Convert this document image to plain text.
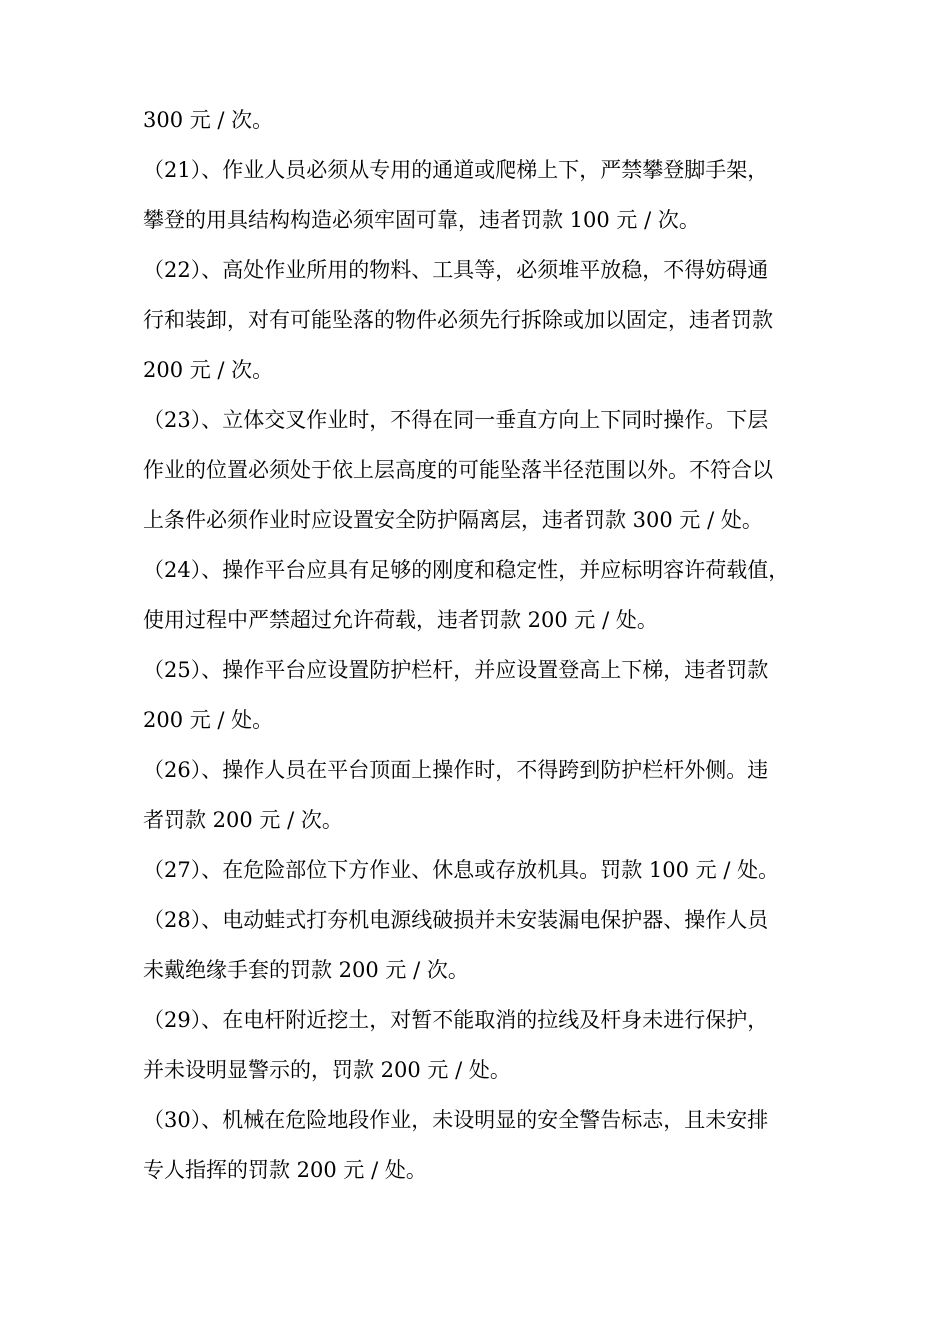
300 元 / 次。
（21）、作业人员必须从专用的通道或爬梯上下，严禁攀登脚手架，
攀登的用具结构构造必须牢固可靠，违者罚款 100 元 / 次。
（22）、高处作业所用的物料、工具等，必须堆平放稳，不得妨碍通
行和装卸，对有可能坠落的物件必须先行拆除或加以固定，违者罚款
200 元 / 次。
（23）、立体交叉作业时，不得在同一垂直方向上下同时操作。下层
作业的位置必须处于依上层高度的可能坠落半径范围以外。不符合以
上条件必须作业时应设置安全防护隔离层，违者罚款 300 元 / 处。
（24）、操作平台应具有足够的刚度和稳定性，并应标明容许荷载值，
使用过程中严禁超过允许荷载，违者罚款 200 元 / 处。
（25）、操作平台应设置防护栏杆，并应设置登高上下梯，违者罚款
200 元 / 处。
（26）、操作人员在平台顶面上操作时，不得跨到防护栏杆外侧。违
者罚款 200 元 / 次。
（27）、在危险部位下方作业、休息或存放机具。罚款 100 元 / 处。
（28）、电动蛙式打夯机电源线破损并未安装漏电保护器、操作人员
未戴绝缘手套的罚款 200 元 / 次。
（29）、在电杆附近挖土，对暂不能取消的拉线及杆身未进行保护，
并未设明显警示的，罚款 200 元 / 处。
（30）、机械在危险地段作业，未设明显的安全警告标志，且未安排
专人指挥的罚款 200 元 / 处。
